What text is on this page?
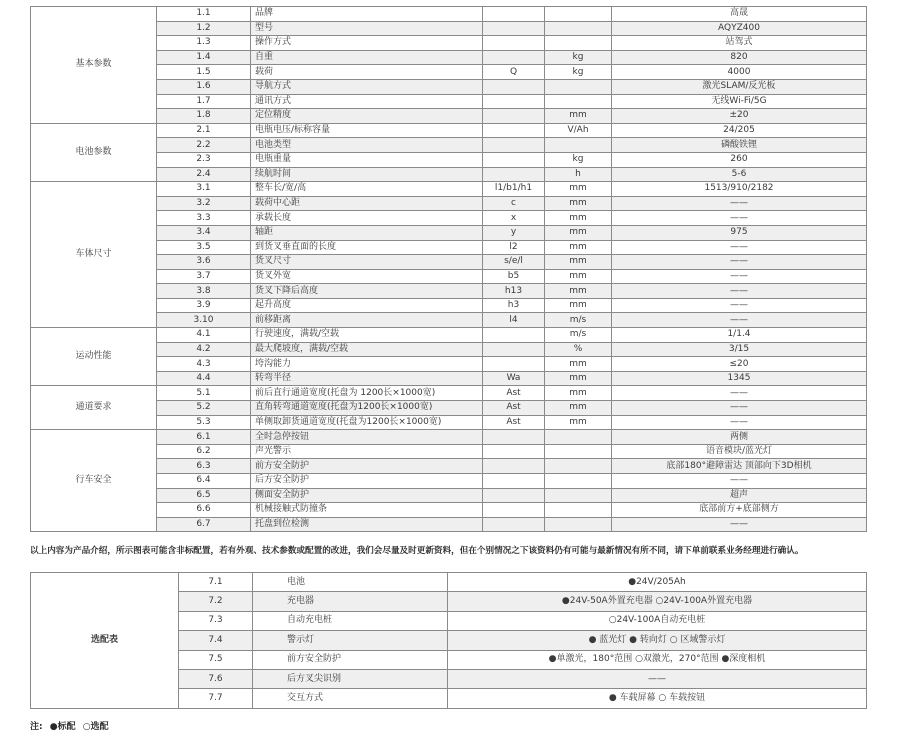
基本参数	1.1	品牌			高晟
	1.2	型号			AQYZ400
	1.3	操作方式			站驾式
	1.4	自重		kg	820
	1.5	载荷	Q	kg	4000
	1.6	导航方式			激光SLAM/反光板
	1.7	通讯方式			无线Wi-Fi/5G
	1.8	定位精度		mm	±20
电池参数	2.1	电瓶电压/标称容量		V/Ah	24/205
	2.2	电池类型			磷酸铁锂
	2.3	电瓶重量		kg	260
	2.4	续航时间		h	5-6
车体尺寸	3.1	整车长/宽/高	l1/b1/h1	mm	1513/910/2182
	3.2	载荷中心距	c	mm	——
	3.3	承载长度	x	mm	——
	3.4	轴距	y	mm	975
	3.5	到货叉垂直面的长度	l2	mm	——
	3.6	货叉尺寸	s/e/l	mm	——
	3.7	货叉外宽	b5	mm	——
	3.8	货叉下降后高度	h13	mm	——
	3.9	起升高度	h3	mm	——
	3.10	前移距离	l4	m/s	——
运动性能	4.1	行驶速度，满载/空载		m/s	1/1.4
	4.2	最大爬坡度，满载/空载		%	3/15
	4.3	垮沟能力		mm	≤20
	4.4	转弯半径	Wa	mm	1345
通道要求	5.1	前后直行通道宽度(托盘为 1200长×1000宽)	Ast	mm	——
	5.2	直角转弯通道宽度(托盘为1200长×1000宽)	Ast	mm	——
	5.3	单侧取卸货通道宽度(托盘为1200长×1000宽)	Ast	mm	——
行车安全	6.1	全时急停按钮			两侧
	6.2	声光警示			语音模块/蓝光灯
	6.3	前方安全防护			底部180°避障雷达 顶部向下3D相机
	6.4	后方安全防护			——
	6.5	侧面安全防护			超声
	6.6	机械接触式防撞条			底部前方+底部侧方
	6.7	托盘到位检测			——
以上内容为产品介绍，所示图表可能含非标配置，若有外观、技术参数或配置的改进，我们会尽量及时更新资料，但在个别情况之下该资料仍有可能与最新情况有所不同，请下单前联系业务经理进行确认。
选配表	7.1	电池	●24V/205Ah
	7.2	充电器	●24V-50A外置充电器 ○24V-100A外置充电器
	7.3	自动充电桩	○24V-100A自动充电桩
	7.4	警示灯	● 蓝光灯 ● 转向灯 ○ 区域警示灯
	7.5	前方安全防护	●单激光，180°范围 ○双激光，270°范围 ●深度相机
	7.6	后方叉尖识别	——
	7.7	交互方式	● 车载屏幕 ○ 车载按钮
注: ●标配 ○选配
